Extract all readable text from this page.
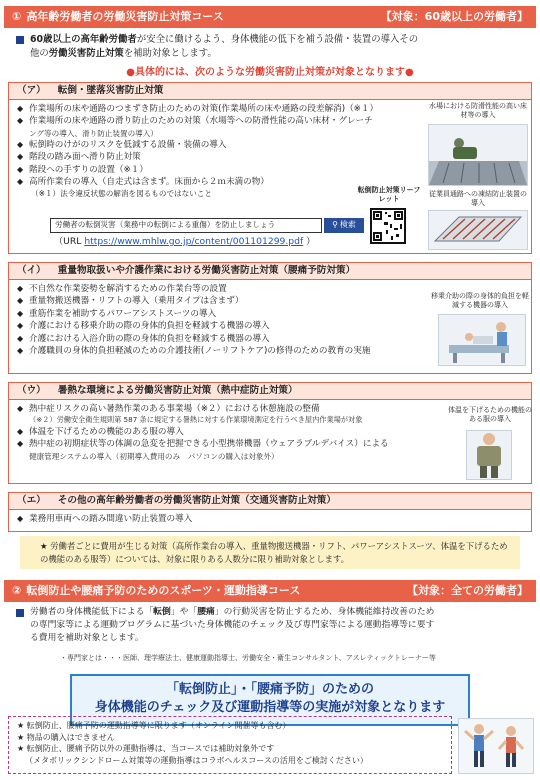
① 高年齢労働者の労働災害防止対策コース	【対象：60歳以上の労働者】
60歳以上の高年齢労働者が安全に働けるよう、身体機能の低下を補う設備・装置の導入その
他の労働災害防止対策を補助対象とします。
●具体的には、次のような労働災害防止対策が対象となります●
（ア） 転倒・墜落災害防止対策
◆ 作業場所の床や通路のつまずき防止のための対策(作業場所の床や通路の段差解消)（※１）
◆ 作業場所の床や通路の滑り防止のための対策（水場等への防滑性能の高い床材・グレーチ
ング等の導入、滑り防止装置の導入）
◆ 転倒時のけがのリスクを低減する設備・装備の導入
◆ 階段の踏み面へ滑り防止対策
◆ 階段への手すりの設置（※１）
◆ 高所作業台の導入（自走式は含まず。床面から２ｍ未満の物）
（※１）法令違反状態の解消を図るものではないこと
水場における防滑性能の高い床材等の導入
従業員通路への凍結防止装置の導入
転倒防止対策リーフレット
労働者の転倒災害（業務中の転倒による重傷）を防止しましょう	⚲ 検索
（URL https://www.mhlw.go.jp/content/001101299.pdf ）
（イ） 重量物取扱いや介護作業における労働災害防止対策（腰痛予防対策）
◆ 不自然な作業姿勢を解消するための作業台等の設置
◆ 重量物搬送機器・リフトの導入（乗用タイプは含まず）
◆ 重筋作業を補助するパワーアシストスーツの導入
◆ 介護における移乗介助の際の身体的負担を軽減する機器の導入
◆ 介護における入浴介助の際の身体的負担を軽減する機器の導入
◆ 介護職員の身体的負担軽減のための介護技術(ノーリフトケア)の修得のための教育の実施
移乗介助の際の身体的負担を軽減する機器の導入
（ウ） 暑熱な環境による労働災害防止対策（熱中症防止対策）
◆ 熱中症リスクの高い暑熱作業のある事業場（※２）における休憩施設の整備
（※２）労働安全衛生規則第 587 条に規定する暑熱に対する作業環境測定を行うべき屋内作業場が対象
◆ 体温を下げるための機能のある服の導入
◆ 熱中症の初期症状等の体調の急変を把握できる小型携帯機器（ウェアラブルデバイス）による
健康管理システムの導入（初期導入費用のみ　パソコンの購入は対象外）
体温を下げるための機能のある服の導入
（エ） その他の高年齢労働者の労働災害防止対策（交通災害防止対策）
◆ 業務用車両への踏み間違い防止装置の導入
★ 労働者ごとに費用が生じる対策（高所作業台の導入、重量物搬送機器・リフト、パワーアシストスーツ、体温を下げるための機能のある服等）については、対象に限りある人数分に限り補助対象とします。
② 転倒防止や腰痛予防のためのスポーツ・運動指導コース	【対象：全ての労働者】
労働者の身体機能低下による「転倒」や「腰痛」の行動災害を防止するため、身体機能維持改善のため
の専門家等による運動プログラムに基づいた身体機能のチェック及び専門家等による運動指導等に要す
る費用を補助対象とします。
・専門家とは・・・医師、理学療法士、健康運動指導士、労働安全・衛生コンサルタント、アスレティックトレーナー等
「転倒防止」・「腰痛予防」のための
身体機能のチェック及び運動指導等の実施が対象となります
★ 転倒防止、腰痛予防の運動指導等に限ります（オンライン開催等も含む）
★ 物品の購入はできません
★ 転倒防止、腰痛予防以外の運動指導は、当コースでは補助対象外です
（メタボリックシンドローム対策等の運動指導はコラボヘルスコースの活用をご検討ください）
